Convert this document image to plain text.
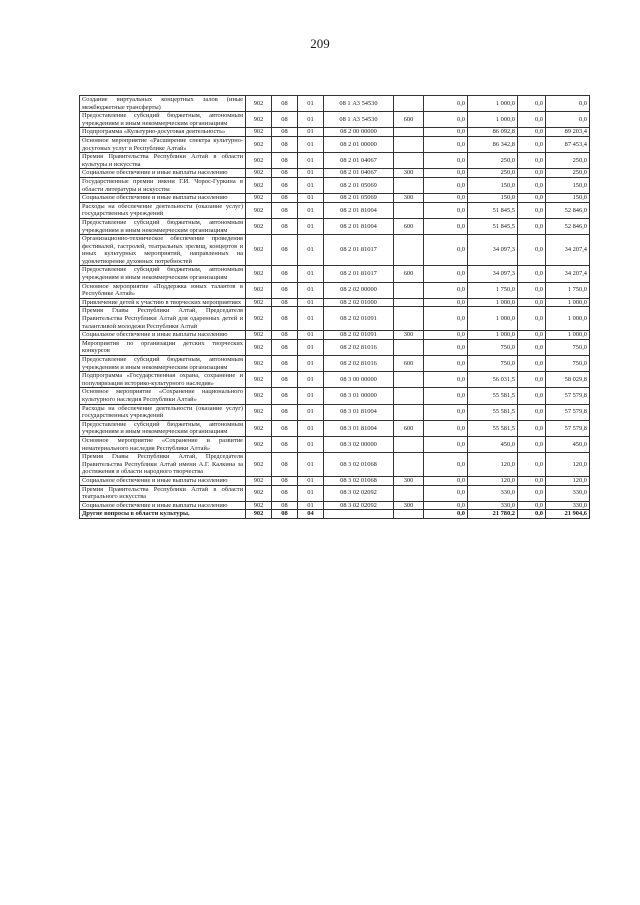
209
Создание виртуальных концертных залов (иные межбюджетные трансферты)	902	08	01	08 1 А3 54530		0,0	1 000,0	0,0	0,0
Предоставление субсидий бюджетным, автономным учреждениям и иным некоммерческим организациям	902	08	01	08 1 А3 54530	600	0,0	1 000,0	0,0	0,0
Подпрограмма «Культурно-досуговая деятельность»	902	08	01	08 2 00 00000		0,0	86 092,8	0,0	89 203,4
Основное мероприятие «Расширение спектра культурно-досуговых услуг в Республике Алтай»	902	08	01	08 2 01 00000		0,0	86 342,8	0,0	87 453,4
Премия Правительства Республики Алтай в области культуры и искусства	902	08	01	08 2 01 04067		0,0	250,0	0,0	250,0
Социальное обеспечение и иные выплаты населению	902	08	01	08 2 01 04067	300	0,0	250,0	0,0	250,0
Государственные премии имени Г.И. Чорос-Гуркина в области литературы и искусства	902	08	01	08 2 01 05069		0,0	150,0	0,0	150,0
Социальное обеспечение и иные выплаты населению	902	08	01	08 2 01 05069	300	0,0	150,0	0,0	150,0
Расходы на обеспечение деятельности (оказание услуг) государственных учреждений	902	08	01	08 2 01 81004		0,0	51 845,5	0,0	52 846,0
Предоставление субсидий бюджетным, автономным учреждениям и иным некоммерческим организациям	902	08	01	08 2 01 81004	600	0,0	51 845,5	0,0	52 846,0
Организационно-техническое обеспечение проведения фестивалей, гастролей, театральных зрелищ, концертов и иных культурных мероприятий, направленных на удовлетворение духовных потребностей	902	08	01	08 2 01 81017		0,0	34 097,3	0,0	34 207,4
Предоставление субсидий бюджетным, автономным учреждениям и иным некоммерческим организациям	902	08	01	08 2 01 81017	600	0,0	34 097,3	0,0	34 207,4
Основное мероприятие «Поддержка юных талантов в Республике Алтай»	902	08	01	08 2 02 00000		0,0	1 750,0	0,0	1 750,0
Привлечение детей к участию в творческих мероприятиях	902	08	01	08 2 02 01000		0,0	1 000,0	0,0	1 000,0
Премия Главы Республики Алтай, Председателя Правительства Республики Алтай для одаренных детей и талантливой молодежи Республики Алтай	902	08	01	08 2 02 01091		0,0	1 000,0	0,0	1 000,0
Социальное обеспечение и иные выплаты населению	902	08	01	08 2 02 01091	300	0,0	1 000,0	0,0	1 000,0
Мероприятия по организации детских творческих конкурсов	902	08	01	08 2 02 81016		0,0	750,0	0,0	750,0
Предоставление субсидий бюджетным, автономным учреждениям и иным некоммерческим организациям	902	08	01	08 2 02 81016	600	0,0	750,0	0,0	750,0
Подпрограмма «Государственная охрана, сохранение и популяризация историко-культурного наследия»	902	08	01	08 3 00 00000		0,0	56 031,5	0,0	58 029,8
Основное мероприятие «Сохранение национального культурного наследия Республики Алтай»	902	08	01	08 3 01 00000		0,0	55 581,5	0,0	57 579,8
Расходы на обеспечение деятельности (оказание услуг) государственных учреждений	902	08	01	08 3 01 81004		0,0	55 581,5	0,0	57 579,8
Предоставление субсидий бюджетным, автономным учреждениям и иным некоммерческим организациям	902	08	01	08 3 01 81004	600	0,0	55 581,5	0,0	57 579,8
Основное мероприятие «Сохранение и развитие нематериального наследия Республики Алтай»	902	08	01	08 3 02 00000		0,0	450,0	0,0	450,0
Премия Главы Республики Алтай, Председателя Правительства Республики Алтай имени А.Г. Калкина за достижения в области народного творчества	902	08	01	08 3 02 01068		0,0	120,0	0,0	120,0
Социальное обеспечение и иные выплаты населению	902	08	01	08 3 02 01068	300	0,0	120,0	0,0	120,0
Премия Правительства Республики Алтай в области театрального искусства	902	08	01	08 3 02 02092		0,0	330,0	0,0	330,0
Социальное обеспечение и иные выплаты населению	902	08	01	08 3 02 02092	300	0,0	330,0	0,0	330,0
Другие вопросы в области культуры,	902	08	04			0,0	21 780,2	0,0	21 904,6
